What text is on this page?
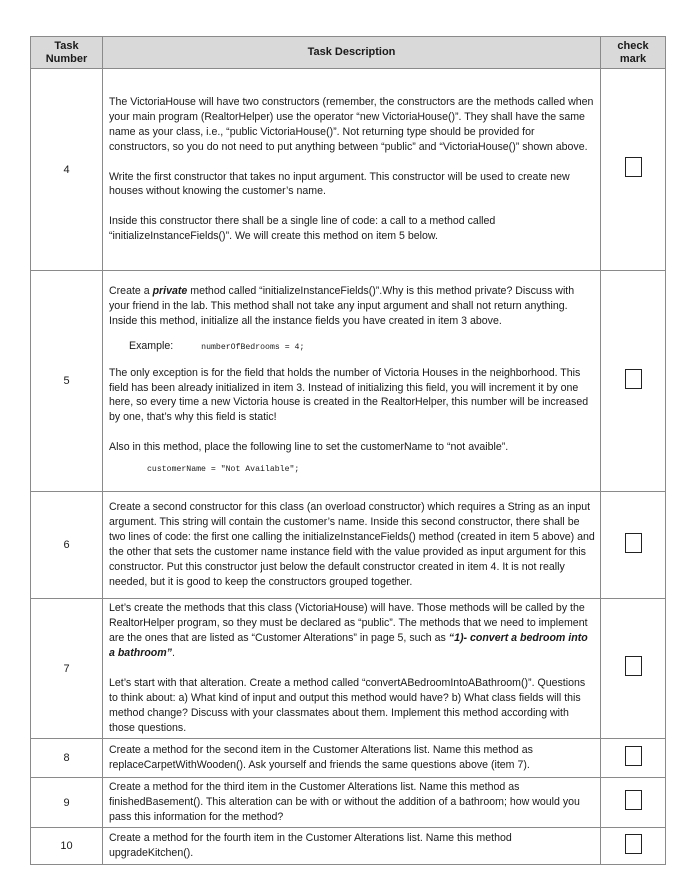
Task Number	Task Description	check mark
4	The VictoriaHouse will have two constructors (remember, the constructors are the methods called when your main program (RealtorHelper) use the operator “new VictoriaHouse()”. They shall have the same name as your class, i.e., “public VictoriaHouse()”. Not returning type should be provided for constructors, so you do not need to put anything between “public” and “VictoriaHouse()” shown above.

Write the first constructor that takes no input argument. This constructor will be used to create new houses without knowing the customer’s name.

Inside this constructor there shall be a single line of code: a call to a method called “initializeInstanceFields()”. We will create this method on item 5 below.	

5	Create a private method called “initializeInstanceFields()”.Why is this method private? Discuss with your friend in the lab. This method shall not take any input argument and shall not return anything. Inside this method, initialize all the instance fields you have created in item 3 above.

Example: numberOfBedrooms = 4;

The only exception is for the field that holds the number of Victoria Houses in the neighborhood. This field has been already initialized in item 3. Instead of initializing this field, you will increment it by one here, so every time a new Victoria house is created in the RealtorHelper, this number will be increased by one, that’s why this field is static!

Also in this method, place the following line to set the customerName to “not avaible”.

customerName = "Not Available";	

6	Create a second constructor for this class (an overload constructor) which requires a String as an input argument. This string will contain the customer’s name. Inside this second constructor, there shall be two lines of code: the first one calling the initializeInstanceFields() method (created in item 5 above) and the other that sets the customer name instance field with the value provided as input argument for this constructor. Put this constructor just below the default constructor created in item 4. It is not really needed, but it is good to keep the constructors grouped together.	

7	Let’s create the methods that this class (VictoriaHouse) will have. Those methods will be called by the RealtorHelper program, so they must be declared as “public”. The methods that we need to implement are the ones that are listed as “Customer Alterations” in page 5, such as “1)- convert a bedroom into a bathroom”.

Let’s start with that alteration. Create a method called “convertABedroomIntoABathroom()”. Questions to think about: a) What kind of input and output this method would have? b) What class fields will this method change? Discuss with your classmates about them. Implement this method according with those questions.	

8	Create a method for the second item in the Customer Alterations list. Name this method as replaceCarpetWithWooden(). Ask yourself and friends the same questions above (item 7).	

9	Create a method for the third item in the Customer Alterations list. Name this method as finishedBasement(). This alteration can be with or without the addition of a bathroom; how would you pass this information for the method?	

10	Create a method for the fourth item in the Customer Alterations list. Name this method upgradeKitchen().	
